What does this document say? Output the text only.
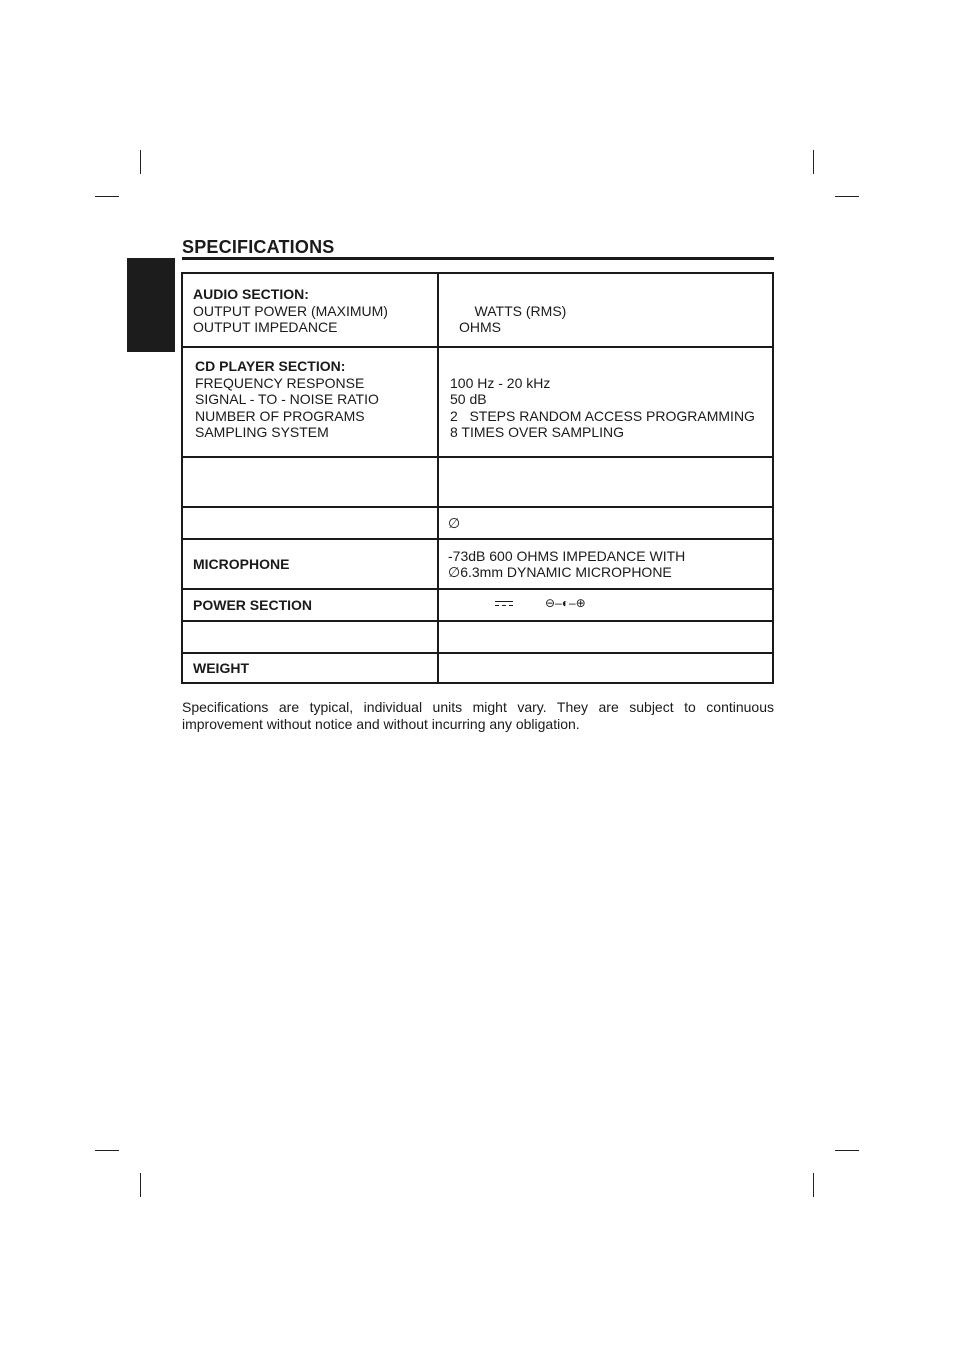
SPECIFICATIONS
AUDIO SECTION:
OUTPUT POWER (MAXIMUM)
OUTPUT IMPEDANCE
WATTS (RMS)
OHMS
CD PLAYER SECTION:
FREQUENCY RESPONSE
SIGNAL - TO - NOISE RATIO
NUMBER OF PROGRAMS
SAMPLING SYSTEM
100 Hz - 20 kHz
50 dB
2   STEPS RANDOM ACCESS PROGRAMMING
8 TIMES OVER SAMPLING
∅
MICROPHONE
-73dB 600 OHMS IMPEDANCE WITH
∅6.3mm DYNAMIC MICROPHONE
POWER SECTION	⊖–◐–⊕
WEIGHT
Specifications are typical, individual units might vary. They are subject to continuous improvement without notice and without incurring any obligation.
